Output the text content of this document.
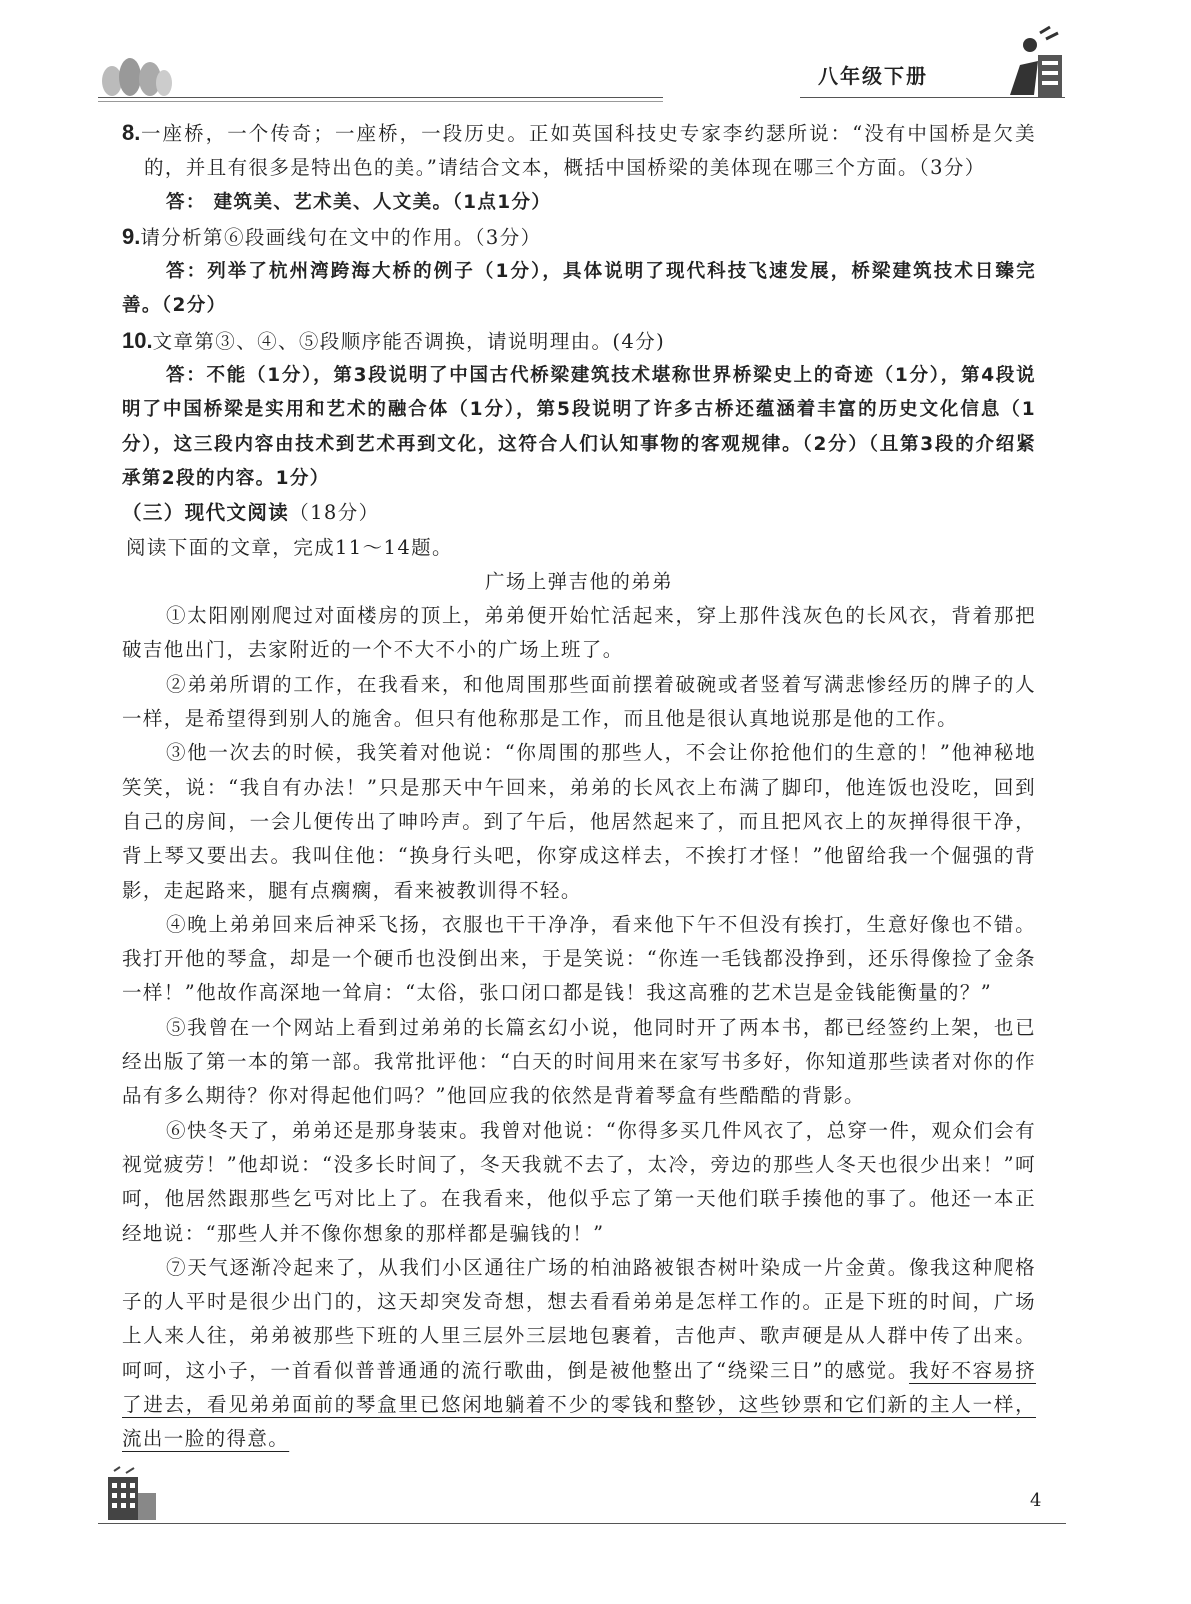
八年级下册

8.一座桥，一个传奇；一座桥，一段历史。正如英国科技史专家李约瑟所说：“没有中国桥是欠美的，并且有很多是特出色的美。”请结合文本，概括中国桥梁的美体现在哪三个方面。（3分）

答： 建筑美、艺术美、人文美。（1点1分）

9.请分析第⑥段画线句在文中的作用。（3分）

答：列举了杭州湾跨海大桥的例子（1分），具体说明了现代科技飞速发展，桥梁建筑技术日臻完善。（2分）

10.文章第③、④、⑤段顺序能否调换，请说明理由。(4分)

答：不能（1分），第3段说明了中国古代桥梁建筑技术堪称世界桥梁史上的奇迹（1分），第4段说明了中国桥梁是实用和艺术的融合体（1分），第5段说明了许多古桥还蕴涵着丰富的历史文化信息（1分），这三段内容由技术到艺术再到文化，这符合人们认知事物的客观规律。（2分）（且第3段的介绍紧承第2段的内容。1分）

（三）现代文阅读（18分）

阅读下面的文章，完成11～14题。

广场上弹吉他的弟弟

①太阳刚刚爬过对面楼房的顶上，弟弟便开始忙活起来，穿上那件浅灰色的长风衣，背着那把破吉他出门，去家附近的一个不大不小的广场上班了。

②弟弟所谓的工作，在我看来，和他周围那些面前摆着破碗或者竖着写满悲惨经历的牌子的人一样，是希望得到别人的施舍。但只有他称那是工作，而且他是很认真地说那是他的工作。

③他一次去的时候，我笑着对他说：“你周围的那些人，不会让你抢他们的生意的！”他神秘地笑笑，说：“我自有办法！”只是那天中午回来，弟弟的长风衣上布满了脚印，他连饭也没吃，回到自己的房间，一会儿便传出了呻吟声。到了午后，他居然起来了，而且把风衣上的灰掸得很干净，背上琴又要出去。我叫住他：“换身行头吧，你穿成这样去，不挨打才怪！”他留给我一个倔强的背影，走起路来，腿有点瘸瘸，看来被教训得不轻。

④晚上弟弟回来后神采飞扬，衣服也干干净净，看来他下午不但没有挨打，生意好像也不错。我打开他的琴盒，却是一个硬币也没倒出来，于是笑说：“你连一毛钱都没挣到，还乐得像捡了金条一样！”他故作高深地一耸肩：“太俗，张口闭口都是钱！我这高雅的艺术岂是金钱能衡量的？”

⑤我曾在一个网站上看到过弟弟的长篇玄幻小说，他同时开了两本书，都已经签约上架，也已经出版了第一本的第一部。我常批评他：“白天的时间用来在家写书多好，你知道那些读者对你的作品有多么期待？你对得起他们吗？”他回应我的依然是背着琴盒有些酷酷的背影。

⑥快冬天了，弟弟还是那身装束。我曾对他说：“你得多买几件风衣了，总穿一件，观众们会有视觉疲劳！”他却说：“没多长时间了，冬天我就不去了，太冷，旁边的那些人冬天也很少出来！”呵呵，他居然跟那些乞丐对比上了。在我看来，他似乎忘了第一天他们联手揍他的事了。他还一本正经地说：“那些人并不像你想象的那样都是骗钱的！”

⑦天气逐渐冷起来了，从我们小区通往广场的柏油路被银杏树叶染成一片金黄。像我这种爬格子的人平时是很少出门的，这天却突发奇想，想去看看弟弟是怎样工作的。正是下班的时间，广场上人来人往，弟弟被那些下班的人里三层外三层地包裹着，吉他声、歌声硬是从人群中传了出来。呵呵，这小子，一首看似普普通通的流行歌曲，倒是被他整出了“绕梁三日”的感觉。我好不容易挤了进去，看见弟弟面前的琴盒里已悠闲地躺着不少的零钱和整钞，这些钞票和它们新的主人一样，流出一脸的得意。

4
